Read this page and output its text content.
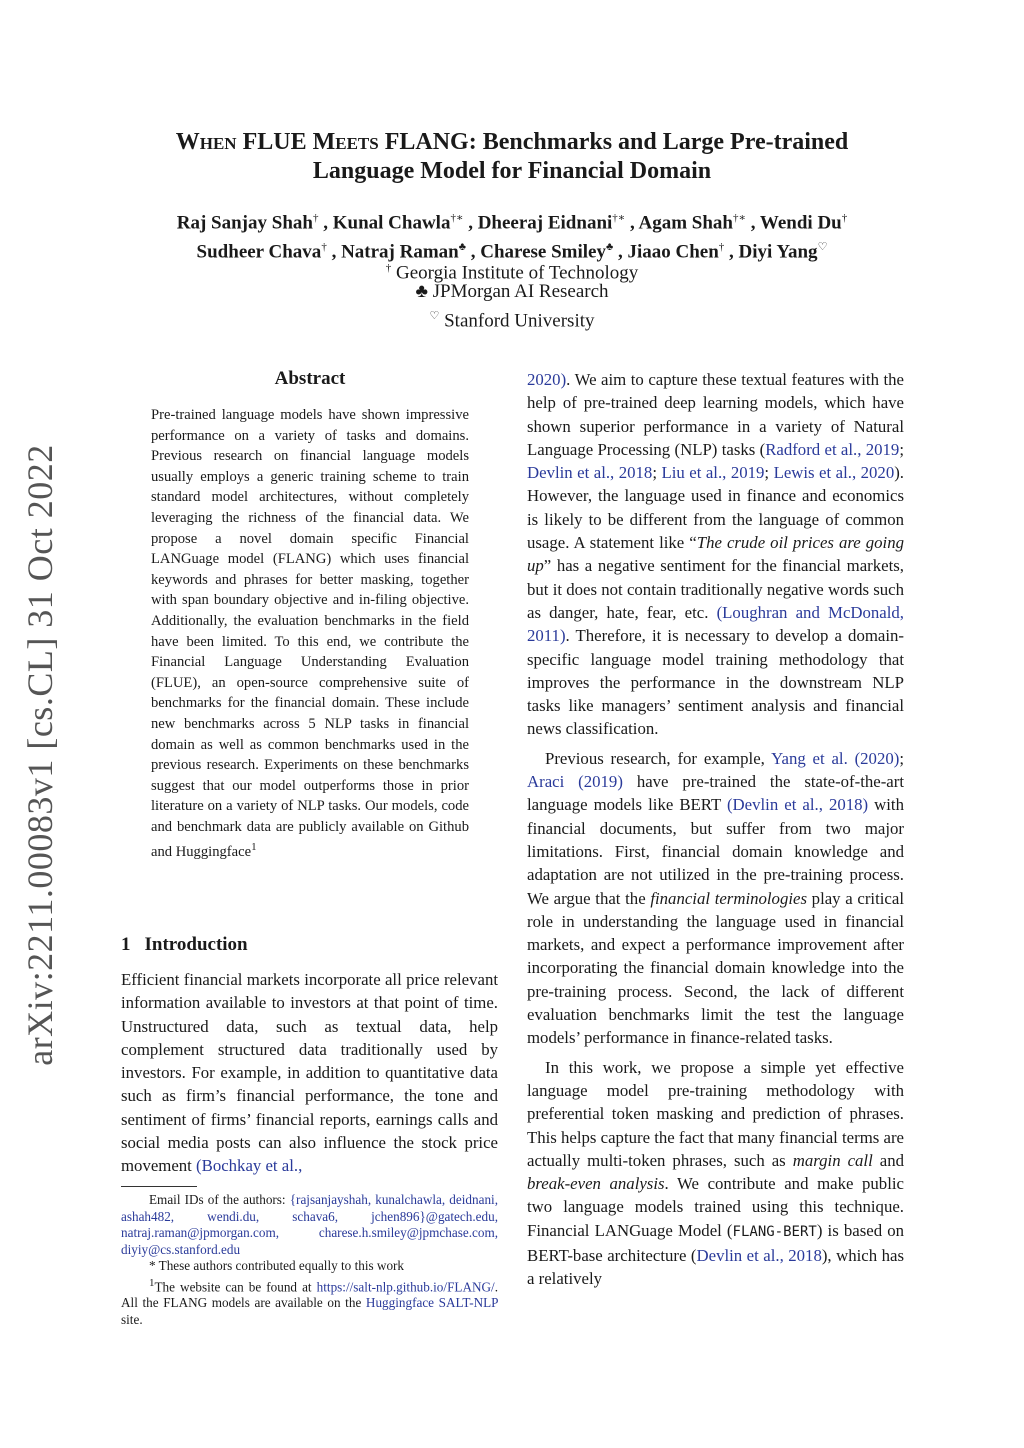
arXiv:2211.00083v1 [cs.CL] 31 Oct 2022
When FLUE Meets FLANG: Benchmarks and Large Pre-trained
Language Model for Financial Domain
Raj Sanjay Shah† , Kunal Chawla†∗ , Dheeraj Eidnani†∗ , Agam Shah†∗ , Wendi Du†
Sudheer Chava† , Natraj Raman♣ , Charese Smiley♣ , Jiaao Chen† , Diyi Yang♡
† Georgia Institute of Technology
♣ JPMorgan AI Research
♡ Stanford University
Abstract
Pre-trained language models have shown impressive performance on a variety of tasks and domains. Previous research on financial language models usually employs a generic training scheme to train standard model architectures, without completely leveraging the richness of the financial data. We propose a novel domain specific Financial LANGuage model (FLANG) which uses financial keywords and phrases for better masking, together with span boundary objective and in-filing objective. Additionally, the evaluation benchmarks in the field have been limited. To this end, we contribute the Financial Language Understanding Evaluation (FLUE), an open-source comprehensive suite of benchmarks for the financial domain. These include new benchmarks across 5 NLP tasks in financial domain as well as common benchmarks used in the previous research. Experiments on these benchmarks suggest that our model outperforms those in prior literature on a variety of NLP tasks. Our models, code and benchmark data are publicly available on Github and Huggingface$^1$
1 Introduction
Efficient financial markets incorporate all price relevant information available to investors at that point of time. Unstructured data, such as textual data, help complement structured data traditionally used by investors. For example, in addition to quantitative data such as firm’s financial performance, the tone and sentiment of firms’ financial reports, earnings calls and social media posts can also influence the stock price movement (Bochkay et al.,

Email IDs of the authors: {rajsanjayshah, kunalchawla, deidnani, ashah482, wendi.du, schava6, jchen896}@gatech.edu, natraj.raman@jpmorgan.com, charese.h.smiley@jpmchase.com, diyiy@cs.stanford.edu

* These authors contributed equally to this work

$^1$The website can be found at https://salt-nlp.github.io/FLANG/. All the FLANG models are available on the Huggingface SALT-NLP site.

2020). We aim to capture these textual features with the help of pre-trained deep learning models, which have shown superior performance in a variety of Natural Language Processing (NLP) tasks (Radford et al., 2019; Devlin et al., 2018; Liu et al., 2019; Lewis et al., 2020). However, the language used in finance and economics is likely to be different from the language of common usage. A statement like “The crude oil prices are going up” has a negative sentiment for the financial markets, but it does not contain traditionally negative words such as danger, hate, fear, etc. (Loughran and McDonald, 2011). Therefore, it is necessary to develop a domain-specific language model training methodology that improves the performance in the downstream NLP tasks like managers’ sentiment analysis and financial news classification.

Previous research, for example, Yang et al. (2020); Araci (2019) have pre-trained the state-of-the-art language models like BERT (Devlin et al., 2018) with financial documents, but suffer from two major limitations. First, financial domain knowledge and adaptation are not utilized in the pre-training process. We argue that the financial terminologies play a critical role in understanding the language used in financial markets, and expect a performance improvement after incorporating the financial domain knowledge into the pre-training process. Second, the lack of different evaluation benchmarks limit the test the language models’ performance in finance-related tasks.

In this work, we propose a simple yet effective language model pre-training methodology with preferential token masking and prediction of phrases. This helps capture the fact that many financial terms are actually multi-token phrases, such as margin call and break-even analysis. We contribute and make public two language models trained using this technique. Financial LANGuage Model (FLANG-BERT) is based on BERT-base architecture (Devlin et al., 2018), which has a relatively
